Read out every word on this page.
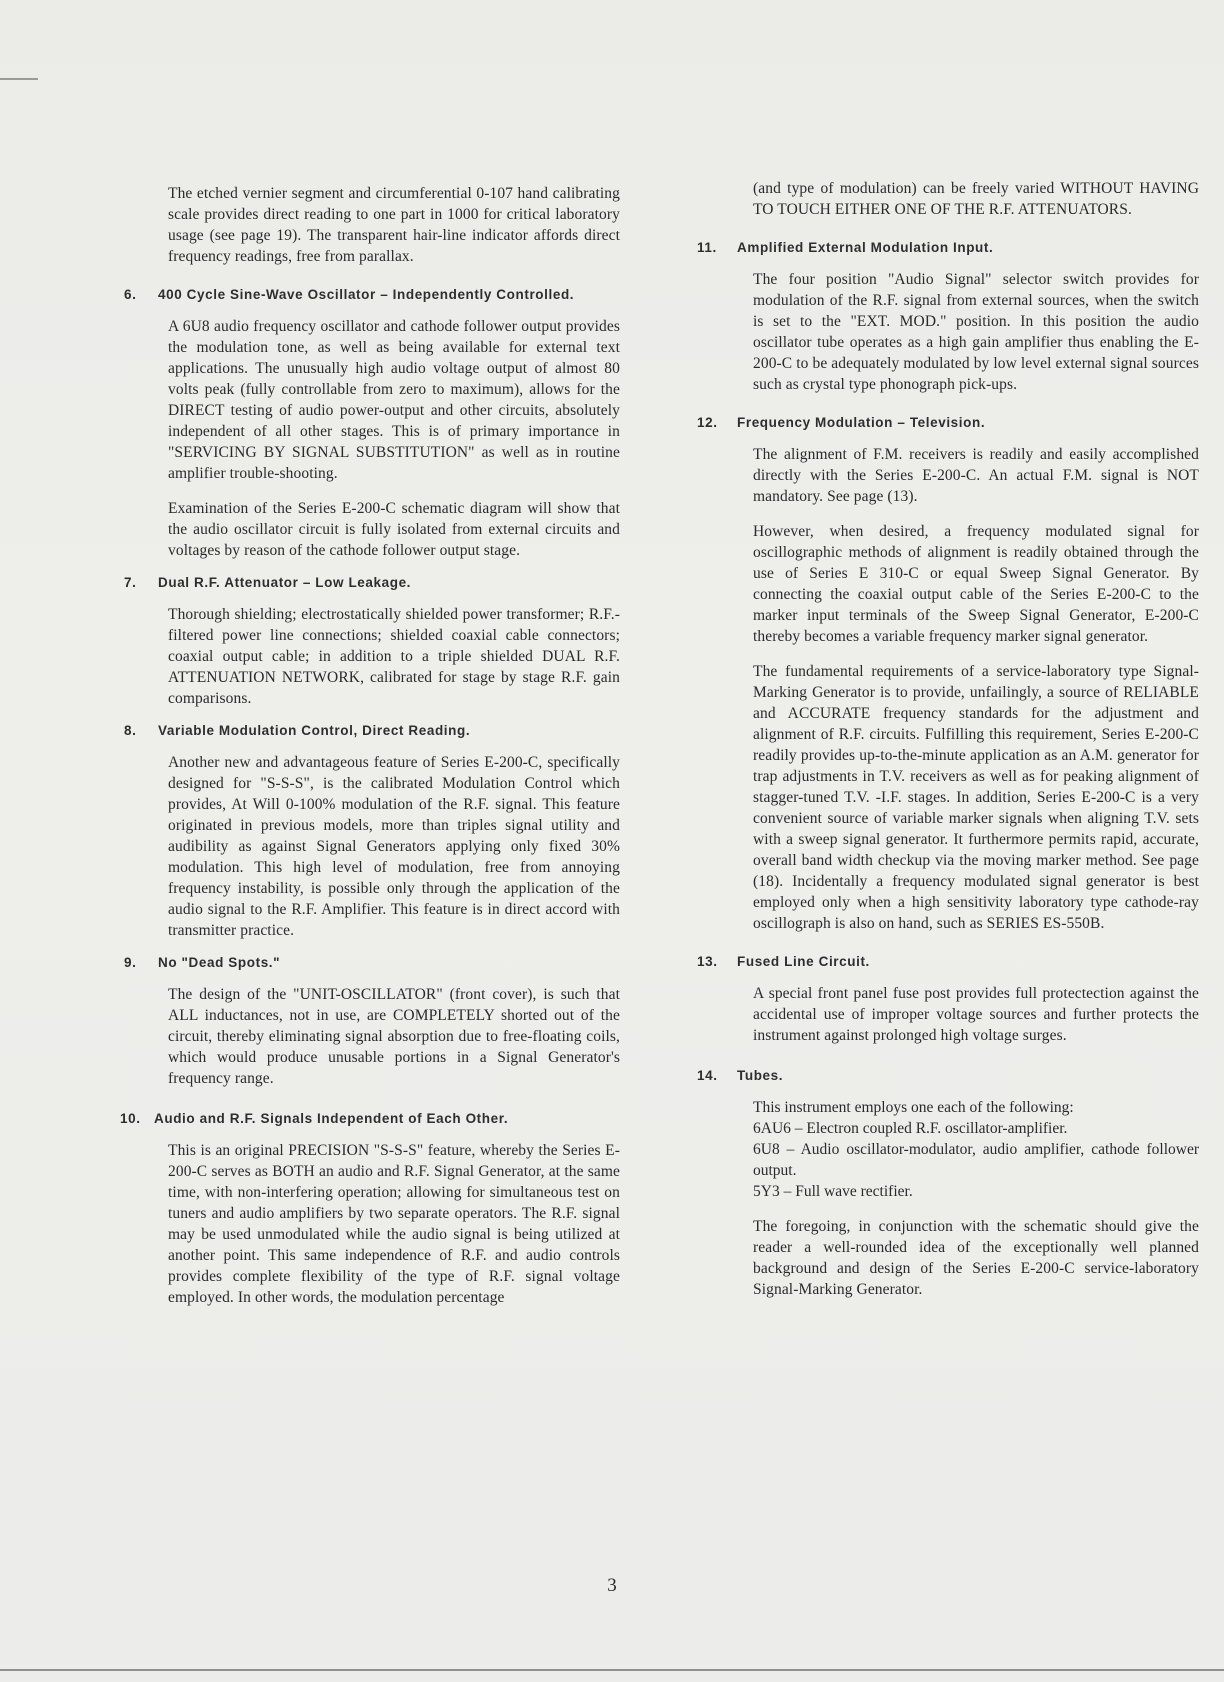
The etched vernier segment and circumferential 0-107 hand calibrating scale provides direct reading to one part in 1000 for critical laboratory usage (see page 19). The transparent hair-line indicator affords direct frequency readings, free from parallax.

6. 400 Cycle Sine-Wave Oscillator – Independently Controlled.

A 6U8 audio frequency oscillator and cathode follower output provides the modulation tone, as well as being available for external text applications. The unusually high audio voltage output of almost 80 volts peak (fully controllable from zero to maximum), allows for the DIRECT testing of audio power-output and other circuits, absolutely independent of all other stages. This is of primary importance in "SERVICING BY SIGNAL SUBSTITUTION" as well as in routine amplifier trouble-shooting.

Examination of the Series E-200-C schematic diagram will show that the audio oscillator circuit is fully isolated from external circuits and voltages by reason of the cathode follower output stage.

7. Dual R.F. Attenuator – Low Leakage.

Thorough shielding; electrostatically shielded power transformer; R.F.-filtered power line connections; shielded coaxial cable connectors; coaxial output cable; in addition to a triple shielded DUAL R.F. ATTENUATION NETWORK, calibrated for stage by stage R.F. gain comparisons.

8. Variable Modulation Control, Direct Reading.

Another new and advantageous feature of Series E-200-C, specifically designed for "S-S-S", is the calibrated Modulation Control which provides, At Will 0-100% modulation of the R.F. signal. This feature originated in previous models, more than triples signal utility and audibility as against Signal Generators applying only fixed 30% modulation. This high level of modulation, free from annoying frequency instability, is possible only through the application of the audio signal to the R.F. Amplifier. This feature is in direct accord with transmitter practice.

9. No "Dead Spots."

The design of the "UNIT-OSCILLATOR" (front cover), is such that ALL inductances, not in use, are COMPLETELY shorted out of the circuit, thereby eliminating signal absorption due to free-floating coils, which would produce unusable portions in a Signal Generator's frequency range.

10. Audio and R.F. Signals Independent of Each Other.

This is an original PRECISION "S-S-S" feature, whereby the Series E-200-C serves as BOTH an audio and R.F. Signal Generator, at the same time, with non-interfering operation; allowing for simultaneous test on tuners and audio amplifiers by two separate operators. The R.F. signal may be used unmodulated while the audio signal is being utilized at another point. This same independence of R.F. and audio controls provides complete flexibility of the type of R.F. signal voltage employed. In other words, the modulation percentage

(and type of modulation) can be freely varied WITHOUT HAVING TO TOUCH EITHER ONE OF THE R.F. ATTENUATORS.

11. Amplified External Modulation Input.

The four position "Audio Signal" selector switch provides for modulation of the R.F. signal from external sources, when the switch is set to the "EXT. MOD." position. In this position the audio oscillator tube operates as a high gain amplifier thus enabling the E-200-C to be adequately modulated by low level external signal sources such as crystal type phonograph pick-ups.

12. Frequency Modulation – Television.

The alignment of F.M. receivers is readily and easily accomplished directly with the Series E-200-C. An actual F.M. signal is NOT mandatory. See page (13).

However, when desired, a frequency modulated signal for oscillographic methods of alignment is readily obtained through the use of Series E 310-C or equal Sweep Signal Generator. By connecting the coaxial output cable of the Series E-200-C to the marker input terminals of the Sweep Signal Generator, E-200-C thereby becomes a variable frequency marker signal generator.

The fundamental requirements of a service-laboratory type Signal-Marking Generator is to provide, unfailingly, a source of RELIABLE and ACCURATE frequency standards for the adjustment and alignment of R.F. circuits. Fulfilling this requirement, Series E-200-C readily provides up-to-the-minute application as an A.M. generator for trap adjustments in T.V. receivers as well as for peaking alignment of stagger-tuned T.V. -I.F. stages. In addition, Series E-200-C is a very convenient source of variable marker signals when aligning T.V. sets with a sweep signal generator. It furthermore permits rapid, accurate, overall band width checkup via the moving marker method. See page (18). Incidentally a frequency modulated signal generator is best employed only when a high sensitivity laboratory type cathode-ray oscillograph is also on hand, such as SERIES ES-550B.

13. Fused Line Circuit.

A special front panel fuse post provides full protectection against the accidental use of improper voltage sources and further protects the instrument against prolonged high voltage surges.

14. Tubes.
This instrument employs one each of the following:
6AU6 – Electron coupled R.F. oscillator-amplifier.
6U8 – Audio oscillator-modulator, audio amplifier, cathode follower output.
5Y3 – Full wave rectifier.

The foregoing, in conjunction with the schematic should give the reader a well-rounded idea of the exceptionally well planned background and design of the Series E-200-C service-laboratory Signal-Marking Generator.

3
